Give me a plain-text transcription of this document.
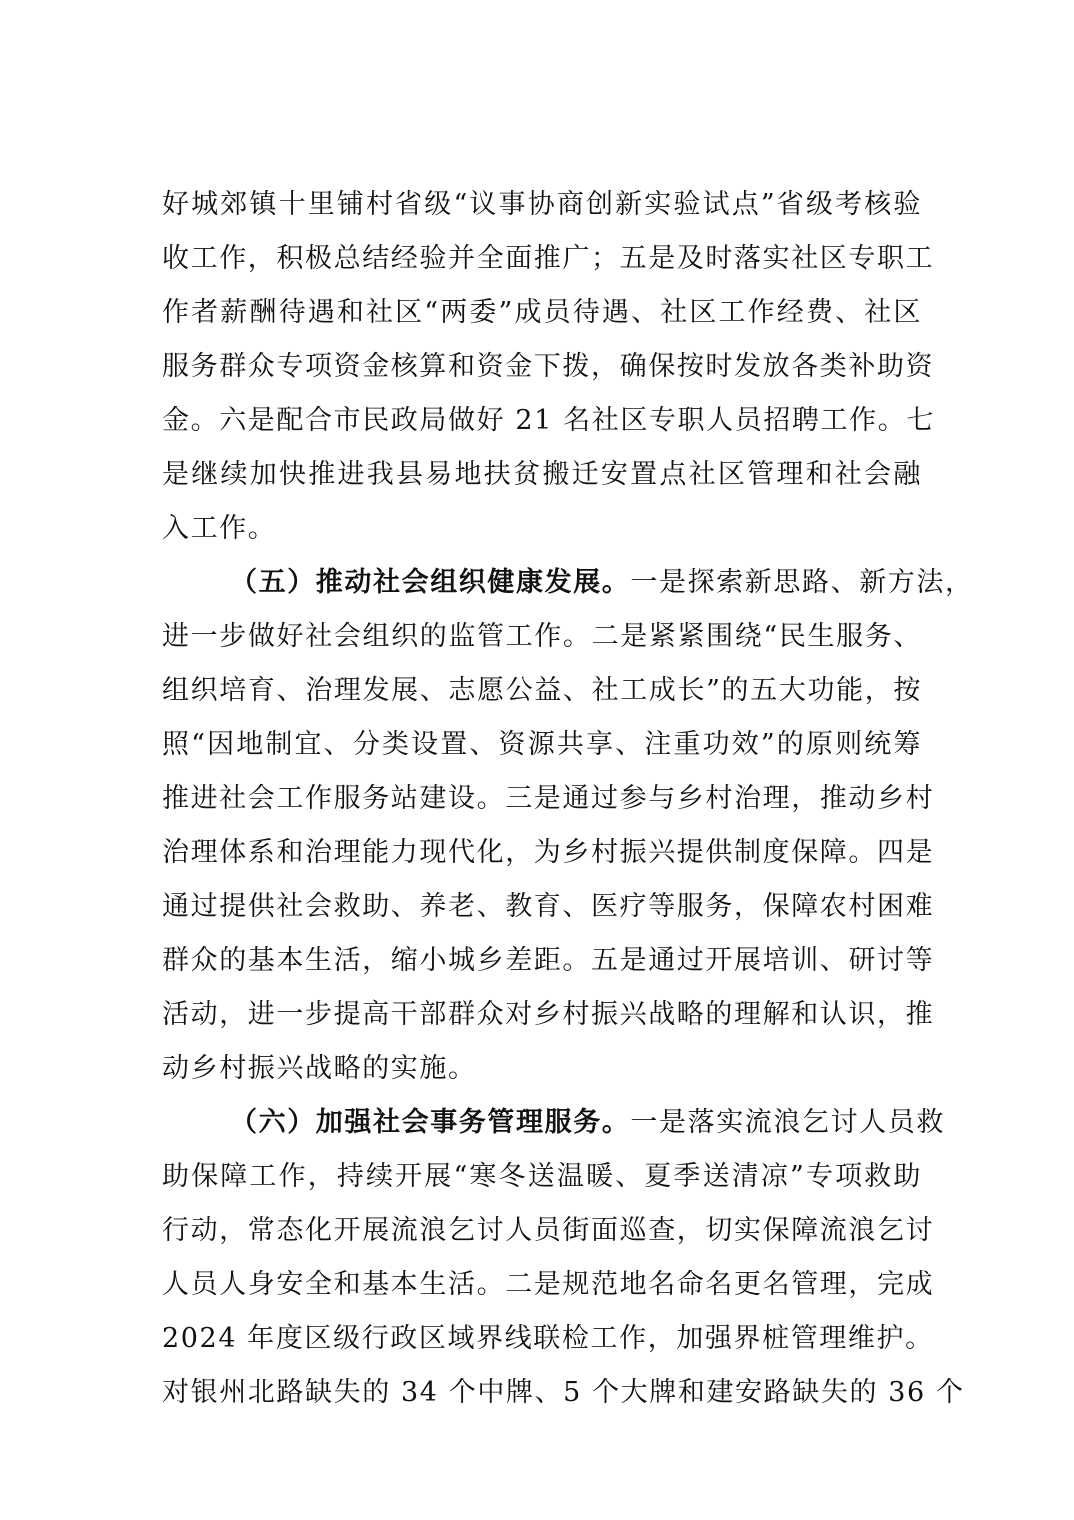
好城郊镇十里铺村省级“议事协商创新实验试点”省级考核验
收工作，积极总结经验并全面推广；五是及时落实社区专职工
作者薪酬待遇和社区“两委”成员待遇、社区工作经费、社区
服务群众专项资金核算和资金下拨，确保按时发放各类补助资
金。六是配合市民政局做好 21 名社区专职人员招聘工作。七
是继续加快推进我县易地扶贫搬迁安置点社区管理和社会融
入工作。
（五）推动社会组织健康发展。一是探索新思路、新方法，
进一步做好社会组织的监管工作。二是紧紧围绕“民生服务、
组织培育、治理发展、志愿公益、社工成长”的五大功能，按
照“因地制宜、分类设置、资源共享、注重功效”的原则统筹
推进社会工作服务站建设。三是通过参与乡村治理，推动乡村
治理体系和治理能力现代化，为乡村振兴提供制度保障。四是
通过提供社会救助、养老、教育、医疗等服务，保障农村困难
群众的基本生活，缩小城乡差距。五是通过开展培训、研讨等
活动，进一步提高干部群众对乡村振兴战略的理解和认识，推
动乡村振兴战略的实施。
（六）加强社会事务管理服务。一是落实流浪乞讨人员救
助保障工作，持续开展“寒冬送温暖、夏季送清凉”专项救助
行动，常态化开展流浪乞讨人员街面巡查，切实保障流浪乞讨
人员人身安全和基本生活。二是规范地名命名更名管理，完成
2024 年度区级行政区域界线联检工作，加强界桩管理维护。
对银州北路缺失的 34 个中牌、5 个大牌和建安路缺失的 36 个
